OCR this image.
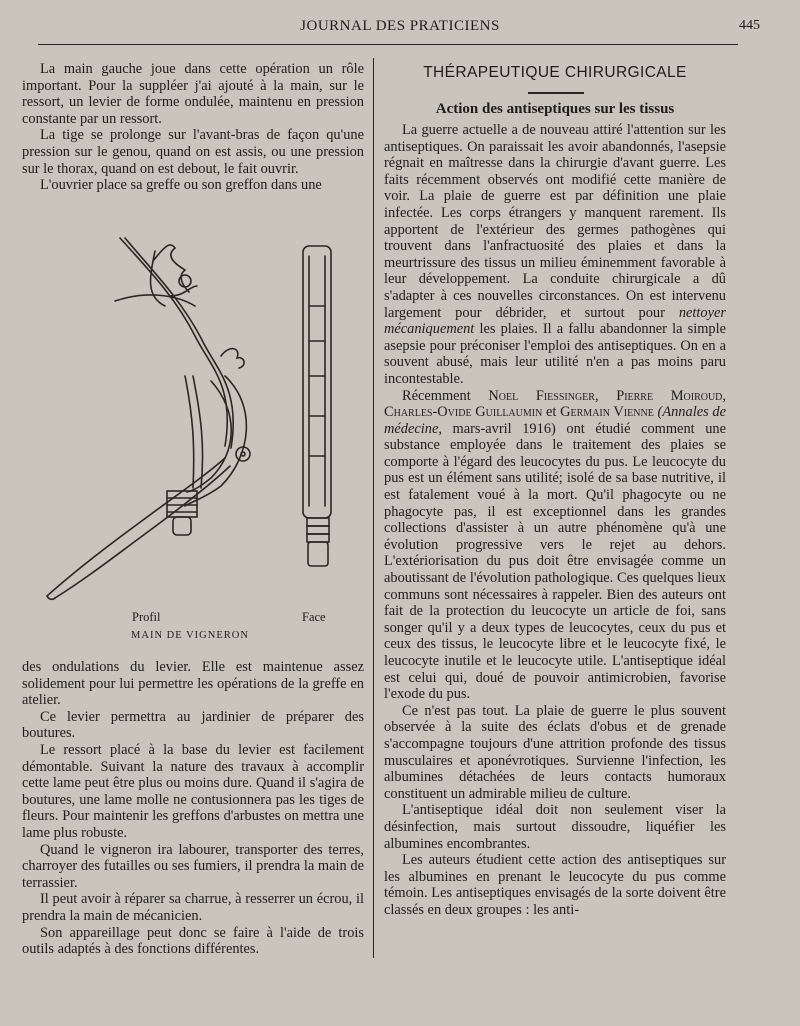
JOURNAL DES PRATICIENS	445

La main gauche joue dans cette opération un rôle important. Pour la suppléer j'ai ajouté à la main, sur le ressort, un levier de forme ondulée, maintenu en pression constante par un ressort.

La tige se prolonge sur l'avant-bras de façon qu'une pression sur le genou, quand on est assis, ou une pression sur le thorax, quand on est debout, le fait ouvrir.

L'ouvrier place sa greffe ou son greffon dans une

Profil	Face
MAIN DE VIGNERON

des ondulations du levier. Elle est maintenue assez solidement pour lui permettre les opérations de la greffe en atelier.

Ce levier permettra au jardinier de préparer des boutures.

Le ressort placé à la base du levier est facilement démontable. Suivant la nature des travaux à accomplir cette lame peut être plus ou moins dure. Quand il s'agira de boutures, une lame molle ne contusionnera pas les tiges de fleurs. Pour maintenir les greffons d'arbustes on mettra une lame plus robuste.

Quand le vigneron ira labourer, transporter des terres, charroyer des futailles ou ses fumiers, il prendra la main de terrassier.

Il peut avoir à réparer sa charrue, à resserrer un écrou, il prendra la main de mécanicien.

Son appareillage peut donc se faire à l'aide de trois outils adaptés à des fonctions différentes.

THÉRAPEUTIQUE CHIRURGICALE
Action des antiseptiques sur les tissus

La guerre actuelle a de nouveau attiré l'attention sur les antiseptiques. On paraissait les avoir abandonnés, l'asepsie régnait en maîtresse dans la chirurgie d'avant guerre. Les faits récemment observés ont modifié cette manière de voir. La plaie de guerre est par définition une plaie infectée. Les corps étrangers y manquent rarement. Ils apportent de l'extérieur des germes pathogènes qui trouvent dans l'anfractuosité des plaies et dans la meurtrissure des tissus un milieu éminemment favorable à leur développement. La conduite chirurgicale a dû s'adapter à ces nouvelles circonstances. On est intervenu largement pour débrider, et surtout pour nettoyer mécaniquement les plaies. Il a fallu abandonner la simple asepsie pour préconiser l'emploi des antiseptiques. On en a souvent abusé, mais leur utilité n'en a pas moins paru incontestable.

Récemment Noel Fiessinger, Pierre Moiroud, Charles-Ovide Guillaumin et Germain Vienne (Annales de médecine, mars-avril 1916) ont étudié comment une substance employée dans le traitement des plaies se comporte à l'égard des leucocytes du pus. Le leucocyte du pus est un élément sans utilité; isolé de sa base nutritive, il est fatalement voué à la mort. Qu'il phagocyte ou ne phagocyte pas, il est exceptionnel dans les grandes collections d'assister à un autre phénomène qu'à une évolution progressive vers le rejet au dehors. L'extériorisation du pus doit être envisagée comme un aboutissant de l'évolution pathologique. Ces quelques lieux communs sont nécessaires à rappeler. Bien des auteurs ont fait de la protection du leucocyte un article de foi, sans songer qu'il y a deux types de leucocytes, ceux du pus et ceux des tissus, le leucocyte libre et le leucocyte fixé, le leucocyte inutile et le leucocyte utile. L'antiseptique idéal est celui qui, doué de pouvoir antimicrobien, favorise l'exode du pus.

Ce n'est pas tout. La plaie de guerre le plus souvent observée à la suite des éclats d'obus et de grenade s'accompagne toujours d'une attrition profonde des tissus musculaires et aponévrotiques. Survienne l'infection, les albumines détachées de leurs contacts humoraux constituent un admirable milieu de culture.

L'antiseptique idéal doit non seulement viser la désinfection, mais surtout dissoudre, liquéfier les albumines encombrantes.

Les auteurs étudient cette action des antiseptiques sur les albumines en prenant le leucocyte du pus comme témoin. Les antiseptiques envisagés de la sorte doivent être classés en deux groupes : les anti-
